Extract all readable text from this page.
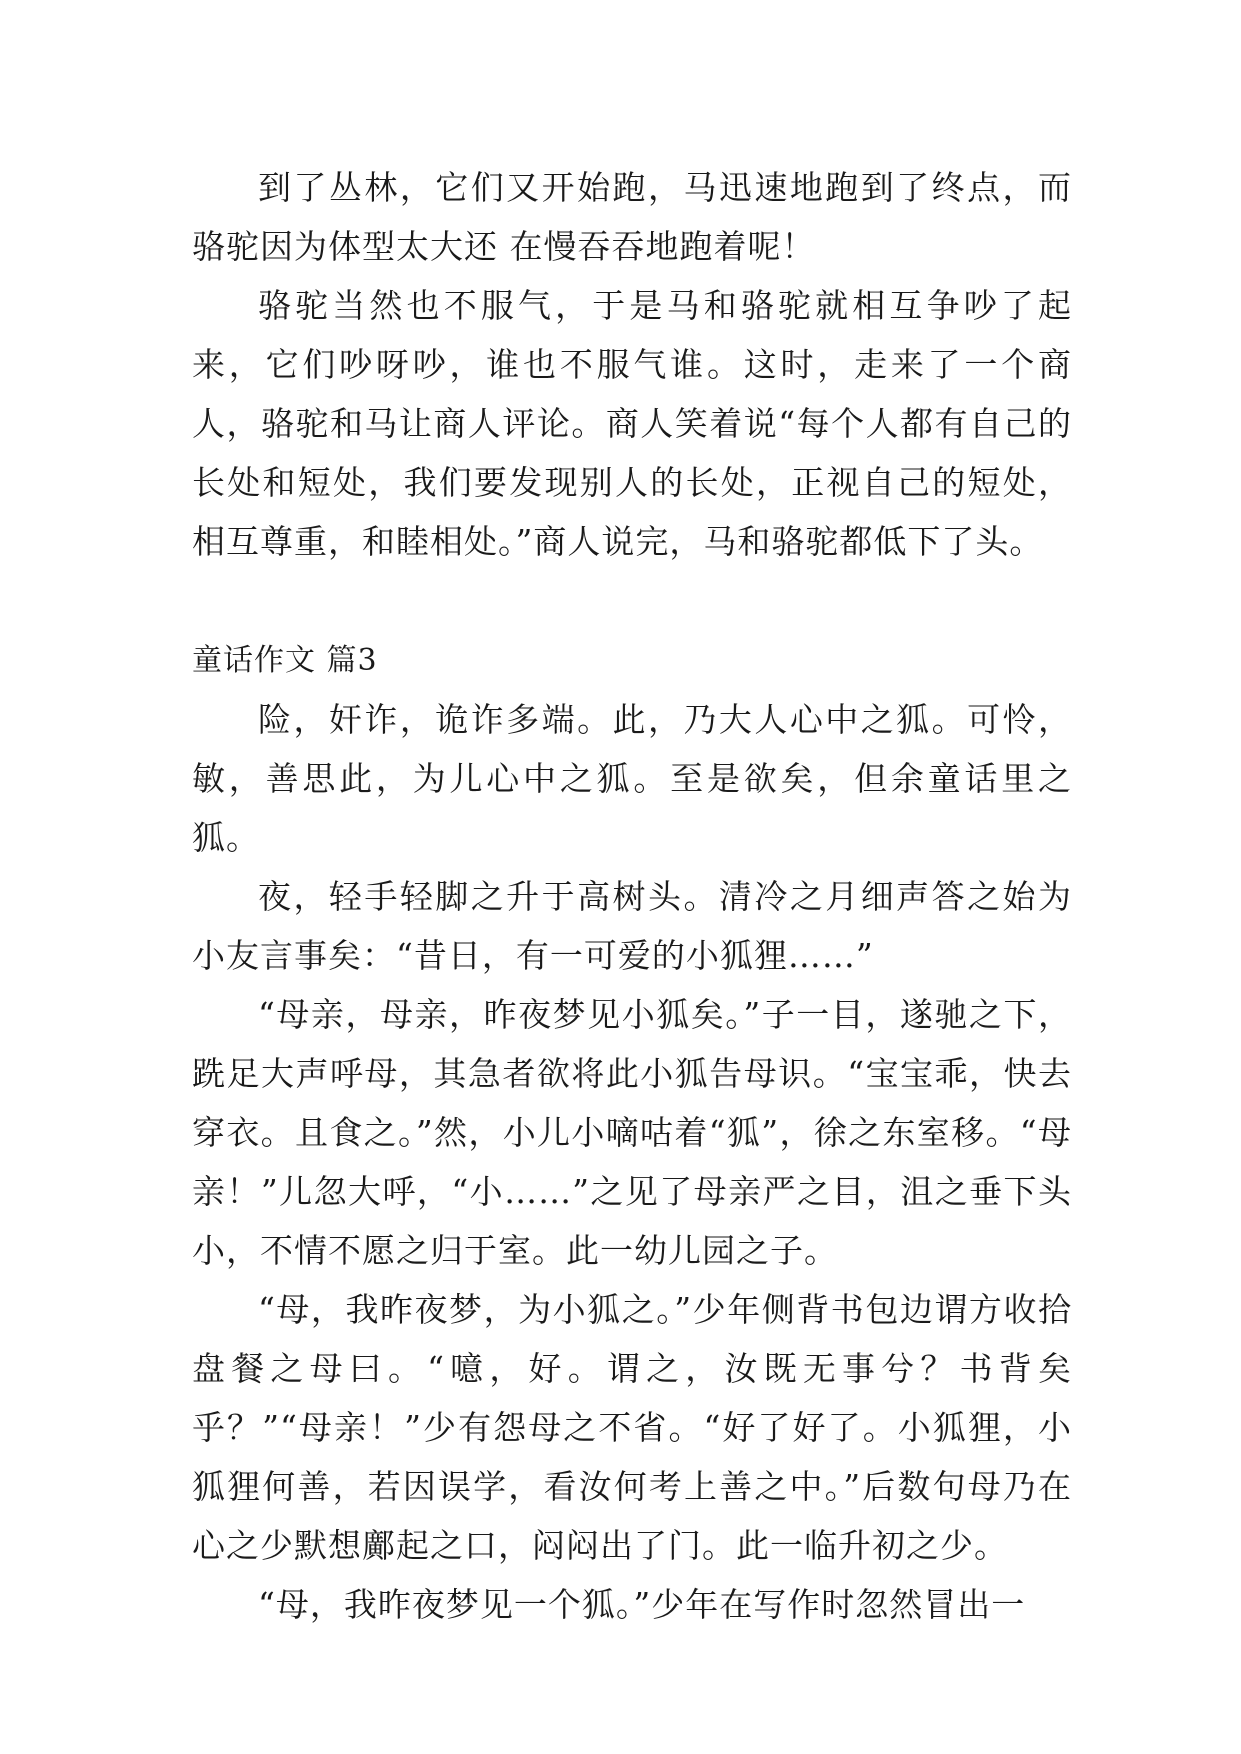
到了丛林，它们又开始跑，马迅速地跑到了终点，而骆驼因为体型太大还 在慢吞吞地跑着呢！

骆驼当然也不服气，于是马和骆驼就相互争吵了起来，它们吵呀吵，谁也不服气谁。这时，走来了一个商人，骆驼和马让商人评论。商人笑着说“每个人都有自己的长处和短处，我们要发现别人的长处，正视自己的短处，相互尊重，和睦相处。”商人说完，马和骆驼都低下了头。

童话作文 篇3

险，奸诈，诡诈多端。此，乃大人心中之狐。可怜，敏，善思此，为儿心中之狐。至是欲矣，但余童话里之狐。

夜，轻手轻脚之升于高树头。清冷之月细声答之始为小友言事矣：“昔日，有一可爱的小狐狸……”

“母亲，母亲，昨夜梦见小狐矣。”子一目，遂驰之下，跣足大声呼母，其急者欲将此小狐告母识。“宝宝乖，快去穿衣。且食之。”然，小儿小嘀咕着“狐”，徐之东室移。“母亲！”儿忽大呼，“小……”之见了母亲严之目，沮之垂下头小，不情不愿之归于室。此一幼儿园之子。

“母，我昨夜梦，为小狐之。”少年侧背书包边谓方收拾盘餐之母曰。“噫，好。谓之，汝既无事兮？书背矣乎？”“母亲！”少有怨母之不省。“好了好了。小狐狸，小狐狸何善，若因误学，看汝何考上善之中。”后数句母乃在心之少默想鄺起之口，闷闷出了门。此一临升初之少。

“母，我昨夜梦见一个狐。”少年在写作时忽然冒出一
